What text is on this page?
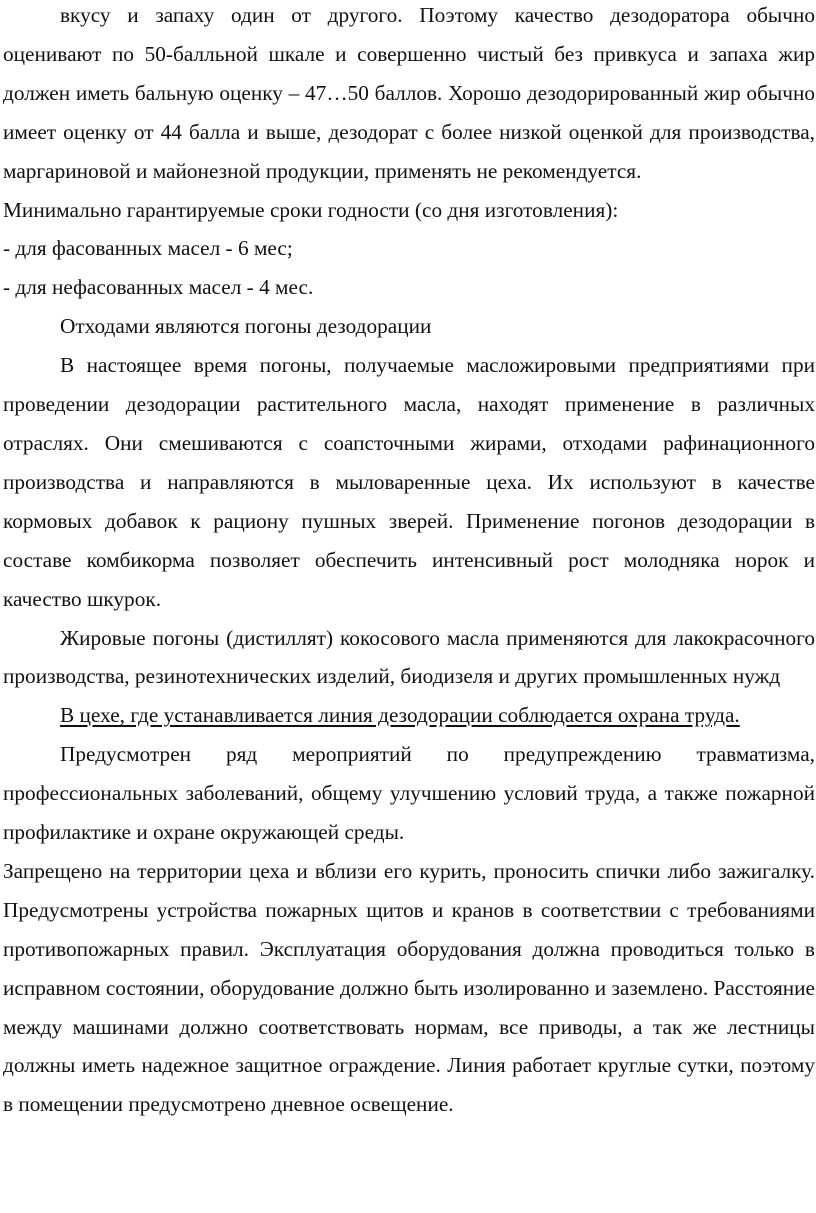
вкусу и запаху один от другого. Поэтому качество дезодоратора обычно оценивают по 50-балльной шкале и совершенно чистый без привкуса и запаха жир должен иметь бальную оценку – 47…50 баллов. Хорошо дезодорированный жир обычно имеет оценку от 44 балла и выше, дезодорат с более низкой оценкой для производства, маргариновой и майонезной продукции, применять не рекомендуется.

Минимально гарантируемые сроки годности (со дня изготовления):

- для фасованных масел - 6 мес;

- для нефасованных масел - 4 мес.

Отходами являются погоны дезодорации

В настоящее время погоны, получаемые масложировыми предприятиями при проведении дезодорации растительного масла, находят применение в различных отраслях. Они смешиваются с соапсточными жирами, отходами рафинационного производства и направляются в мыловаренные цеха. Их используют в качестве кормовых добавок к рациону пушных зверей. Применение погонов дезодорации в составе комбикорма позволяет обеспечить интенсивный рост молодняка норок и качество шкурок.

Жировые погоны (дистиллят) кокосового масла применяются для лакокрасочного производства, резинотехнических изделий, биодизеля и других промышленных нужд

В цехе, где устанавливается линия дезодорации соблюдается охрана труда.

Предусмотрен ряд мероприятий по предупреждению травматизма, профессиональных заболеваний, общему улучшению условий труда, а также пожарной профилактике и охране окружающей среды.

Запрещено на территории цеха и вблизи его курить, проносить спички либо зажигалку. Предусмотрены устройства пожарных щитов и кранов в соответствии с требованиями противопожарных правил. Эксплуатация оборудования должна проводиться только в исправном состоянии, оборудование должно быть изолированно и заземлено. Расстояние между машинами должно соответствовать нормам, все приводы, а так же лестницы должны иметь надежное защитное ограждение. Линия работает круглые сутки, поэтому в помещении предусмотрено дневное освещение.
